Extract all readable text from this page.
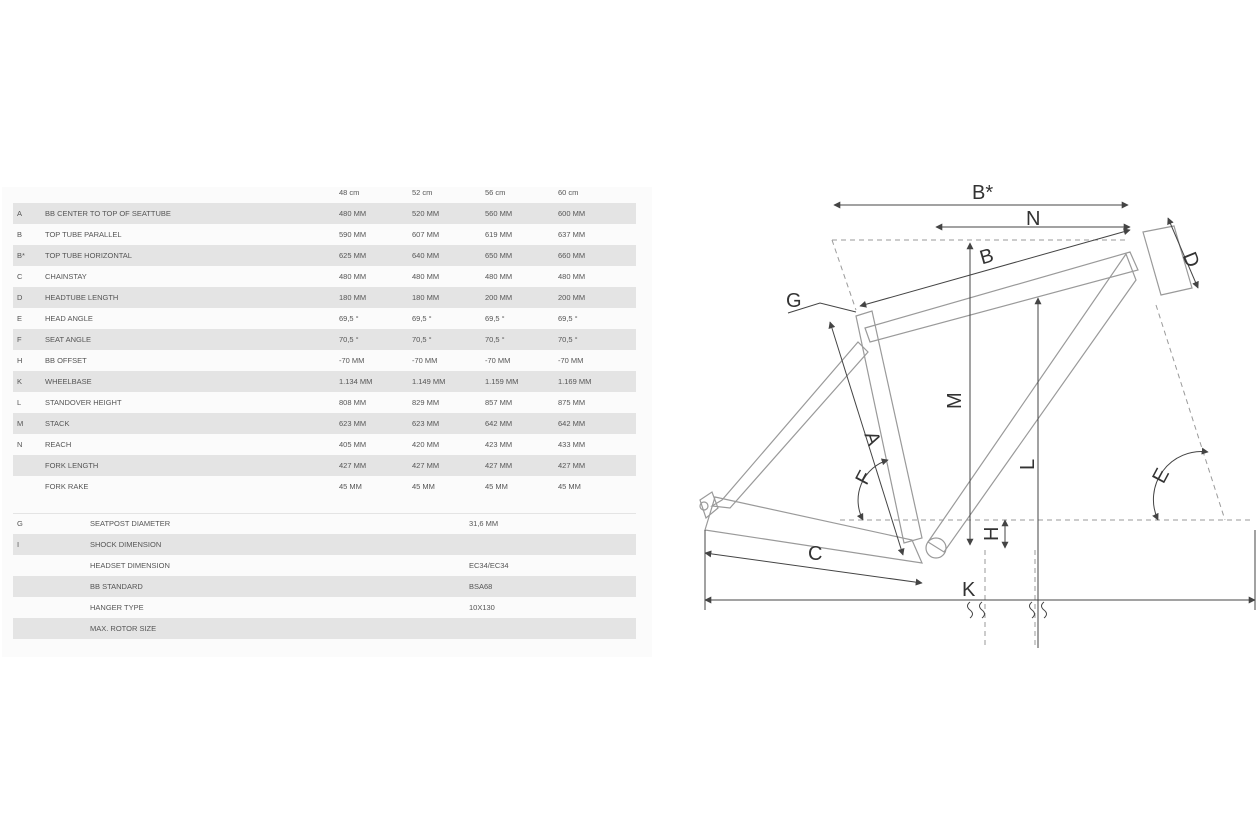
48 cm	52 cm	56 cm	60 cm
A	BB CENTER TO TOP OF SEATTUBE	480 MM	520 MM	560 MM	600 MM
B	TOP TUBE PARALLEL	590 MM	607 MM	619 MM	637 MM
B*	TOP TUBE HORIZONTAL	625 MM	640 MM	650 MM	660 MM
C	CHAINSTAY	480 MM	480 MM	480 MM	480 MM
D	HEADTUBE LENGTH	180 MM	180 MM	200 MM	200 MM
E	HEAD ANGLE	69,5 °	69,5 °	69,5 °	69,5 °
F	SEAT ANGLE	70,5 °	70,5 °	70,5 °	70,5 °
H	BB OFFSET	-70 MM	-70 MM	-70 MM	-70 MM
K	WHEELBASE	1.134 MM	1.149 MM	1.159 MM	1.169 MM
L	STANDOVER HEIGHT	808 MM	829 MM	857 MM	875 MM
M	STACK	623 MM	623 MM	642 MM	642 MM
N	REACH	405 MM	420 MM	423 MM	433 MM
FORK LENGTH	427 MM	427 MM	427 MM	427 MM
FORK RAKE	45 MM	45 MM	45 MM	45 MM
G	SEATPOST DIAMETER	31,6 MM
I	SHOCK DIMENSION
HEADSET DIMENSION	EC34/EC34
BB STANDARD	BSA68
HANGER TYPE	10X130
MAX. ROTOR SIZE
B*
N
B	D
G
M
L
A
F	E
H
C
K
